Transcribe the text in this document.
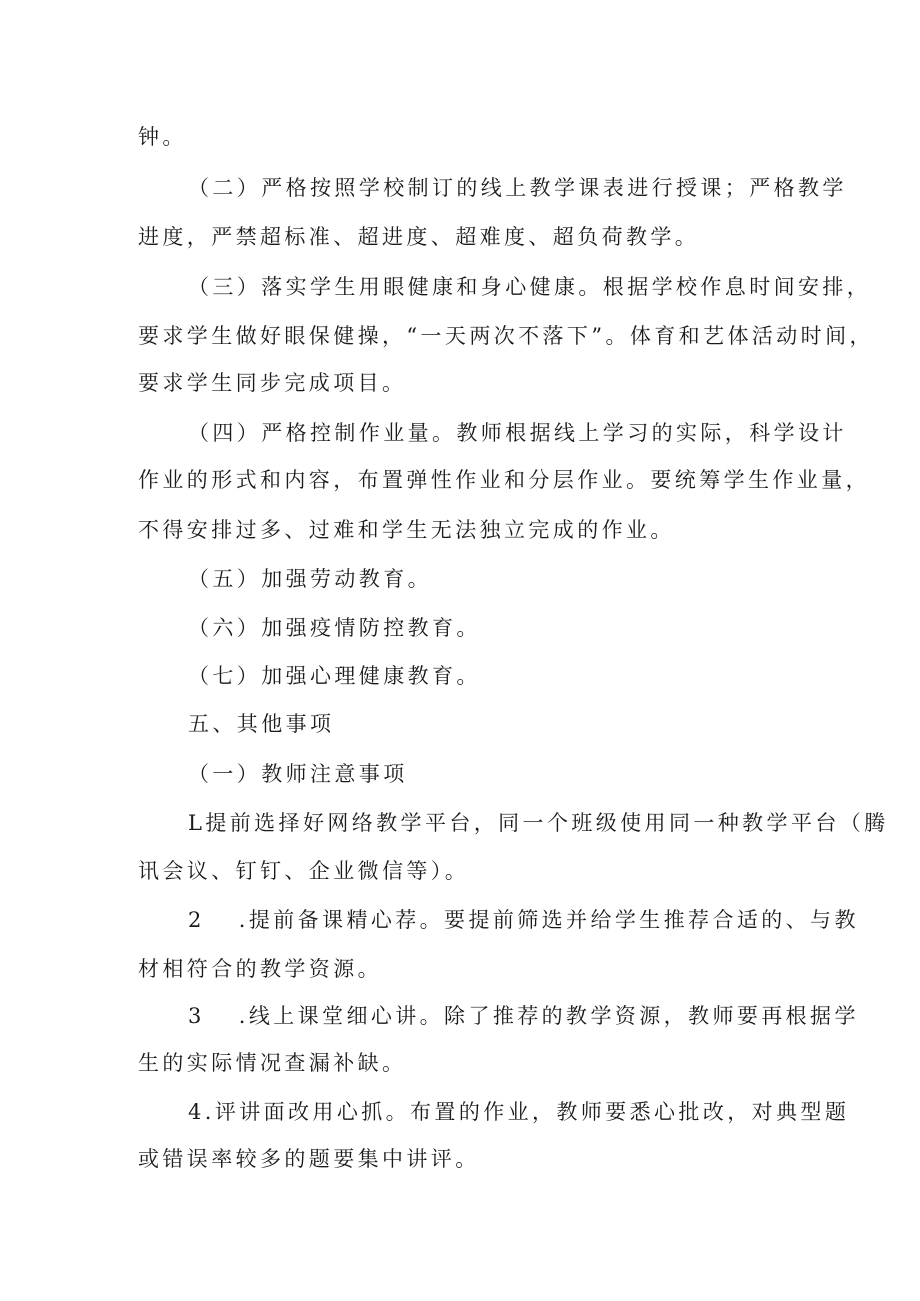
钟。
（二）严格按照学校制订的线上教学课表进行授课；严格教学
进度，严禁超标准、超进度、超难度、超负荷教学。
（三）落实学生用眼健康和身心健康。根据学校作息时间安排，
要求学生做好眼保健操，“一天两次不落下”。体育和艺体活动时间，
要求学生同步完成项目。
（四）严格控制作业量。教师根据线上学习的实际，科学设计
作业的形式和内容，布置弹性作业和分层作业。要统筹学生作业量，
不得安排过多、过难和学生无法独立完成的作业。
（五）加强劳动教育。
（六）加强疫情防控教育。
（七）加强心理健康教育。
五、其他事项
（一）教师注意事项
L提前选择好网络教学平台，同一个班级使用同一种教学平台（腾
讯会议、钉钉、企业微信等）。
2 .提前备课精心荐。要提前筛选并给学生推荐合适的、与教
材相符合的教学资源。
3 .线上课堂细心讲。除了推荐的教学资源，教师要再根据学
生的实际情况查漏补缺。
4.评讲面改用心抓。布置的作业，教师要悉心批改，对典型题
或错误率较多的题要集中讲评。
